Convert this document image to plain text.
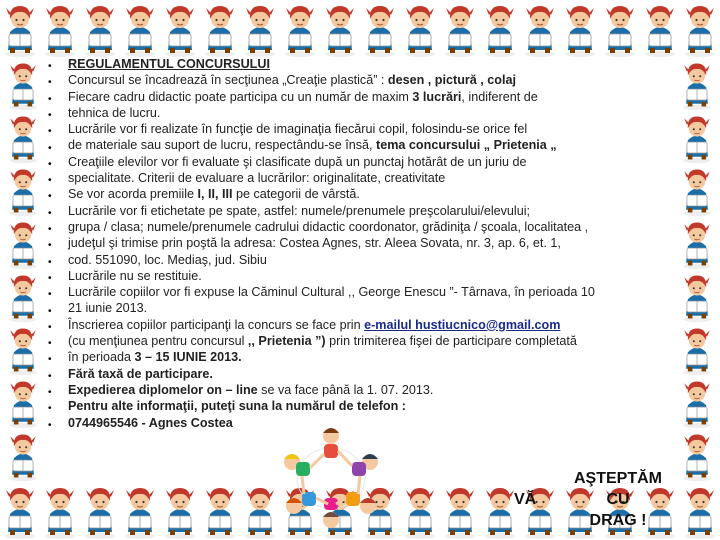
•
•
•
•
•
•
•
•
•
•
•
•
•
•
•
•
•
•
•
•
•
•
•
REGULAMENTUL CONCURSULUI
Concursul se încadrează în secţiunea „Creaţie plastică” : desen , pictură , colaj
Fiecare cadru didactic poate participa cu un număr de maxim 3 lucrări, indiferent de
tehnica de lucru.
Lucrările vor fi realizate în funcţie de imaginaţia fiecărui copil, folosindu-se orice fel
de materiale sau suport de lucru, respectându-se însă, tema concursului „ Prietenia „
Creaţiile elevilor vor fi evaluate şi clasificate după un punctaj hotărât de un juriu de
specialitate. Criterii de evaluare a lucrărilor: originalitate, creativitate
Se vor acorda premiile I, II, III pe categorii de vârstă.
Lucrările vor fi etichetate pe spate, astfel: numele/prenumele preşcolarului/elevului;
grupa / clasa; numele/prenumele cadrului didactic coordonator, grădiniţa / şcoala, localitatea ,
judeţul şi trimise prin poştă la adresa: Costea Agnes, str. Aleea Sovata, nr. 3, ap. 6, et. 1,
cod. 551090, loc. Mediaş, jud. Sibiu
Lucrările nu se restituie.
Lucrările copiilor vor fi expuse la Căminul Cultural ,, George Enescu ”- Târnava, în perioada 10
21 iunie 2013.
Înscrierea copiilor participanţi la concurs se face prin e-mailul hustiucnico@gmail.com
(cu menţiunea pentru concursul ,, Prietenia ”) prin trimiterea fişei de participare completată
în perioada 3 – 15 IUNIE 2013.
Fără taxă de participare.
Expedierea diplomelor on – line se va face până la 1. 07. 2013.
Pentru alte informaţii, puteţi suna la numărul de telefon :
0744965546 - Agnes Costea
VĂ
AŞTEPTĂM
CU
DRAG !
